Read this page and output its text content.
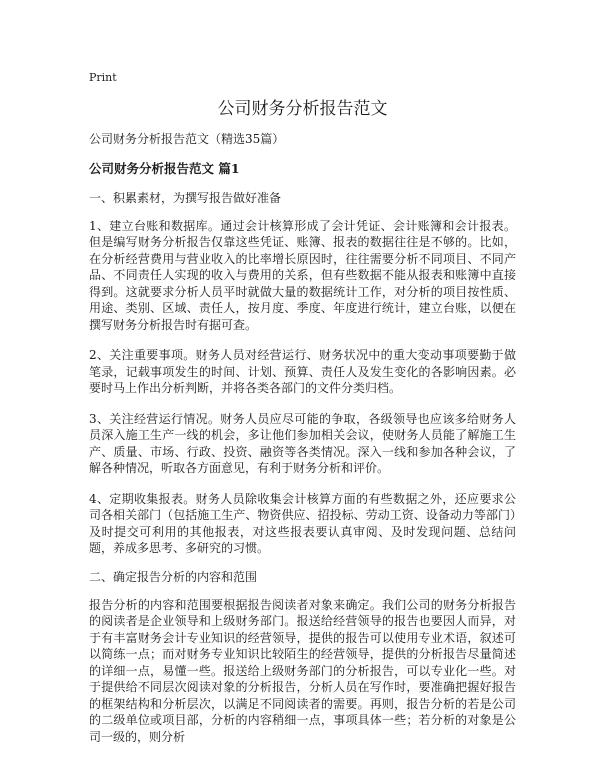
Print
公司财务分析报告范文
公司财务分析报告范文（精选35篇）
公司财务分析报告范文 篇1
一、积累素材，为撰写报告做好准备
1、建立台账和数据库。通过会计核算形成了会计凭证、会计账簿和会计报表。但是编写财务分析报告仅靠这些凭证、账簿、报表的数据往往是不够的。比如，在分析经营费用与营业收入的比率增长原因时，往往需要分析不同项目、不同产品、不同责任人实现的收入与费用的关系，但有些数据不能从报表和账簿中直接得到。这就要求分析人员平时就做大量的数据统计工作，对分析的项目按性质、用途、类别、区域、责任人，按月度、季度、年度进行统计，建立台账，以便在撰写财务分析报告时有据可查。
2、关注重要事项。财务人员对经营运行、财务状况中的重大变动事项要勤于做笔录，记载事项发生的时间、计划、预算、责任人及发生变化的各影响因素。必要时马上作出分析判断，并将各类各部门的文件分类归档。
3、关注经营运行情况。财务人员应尽可能的争取，各级领导也应该多给财务人员深入施工生产一线的机会，多让他们参加相关会议，使财务人员能了解施工生产、质量、市场、行政、投资、融资等各类情况。深入一线和参加各种会议，了解各种情况，听取各方面意见，有利于财务分析和评价。
4、定期收集报表。财务人员除收集会计核算方面的有些数据之外，还应要求公司各相关部门（包括施工生产、物资供应、招投标、劳动工资、设备动力等部门）及时提交可利用的其他报表，对这些报表要认真审阅、及时发现问题、总结问题，养成多思考、多研究的习惯。
二、确定报告分析的内容和范围
报告分析的内容和范围要根据报告阅读者对象来确定。我们公司的财务分析报告的阅读者是企业领导和上级财务部门。报送给经营领导的报告也要因人而异，对于有丰富财务会计专业知识的经营领导，提供的报告可以使用专业术语，叙述可以简练一点；而对财务专业知识比较陌生的经营领导，提供的分析报告尽量简述的详细一点，易懂一些。报送给上级财务部门的分析报告，可以专业化一些。对于提供给不同层次阅读对象的分析报告，分析人员在写作时，要准确把握好报告的框架结构和分析层次，以满足不同阅读者的需要。再则，报告分析的若是公司的二级单位或项目部，分析的内容稍细一点，事项具体一些；若分析的对象是公司一级的，则分析
